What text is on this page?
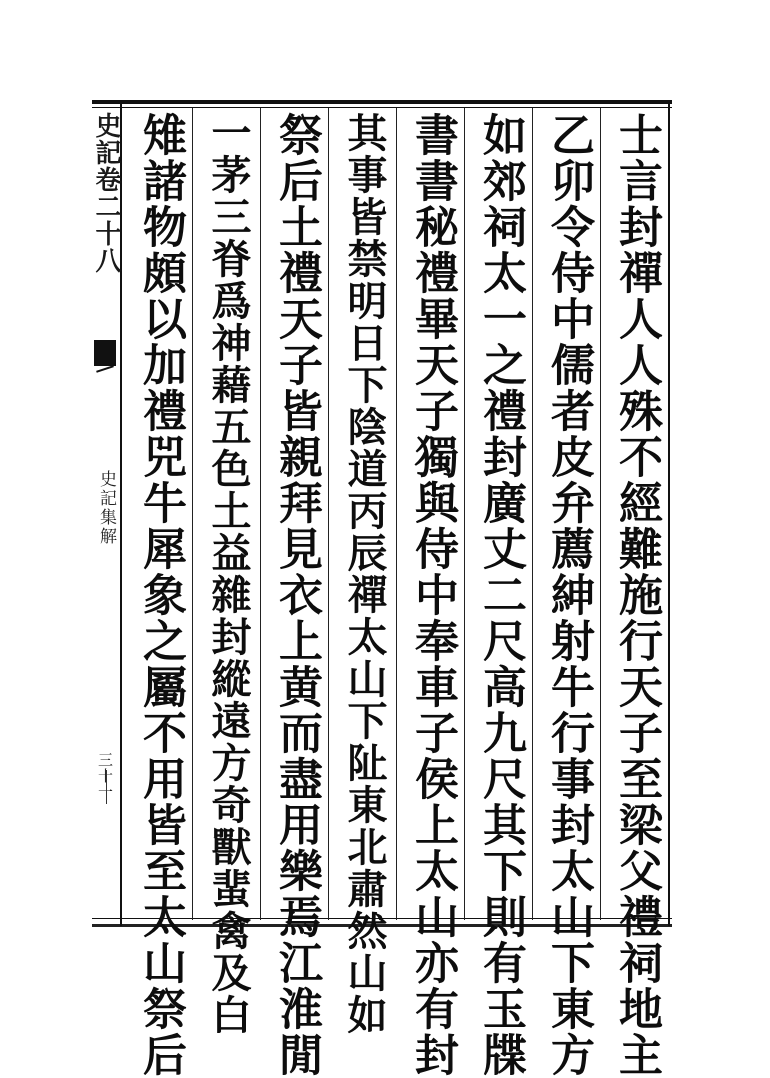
史記卷二十八
史記集解
三十一	士言封禪人人殊不經難施行天子至梁父禮祠地主
乙卯令侍中儒者皮弁薦紳射牛行事封太山下東方
如郊祠太一之禮封廣丈二尺高九尺其下則有玉牒
書書秘禮畢天子獨與侍中奉車子侯上太山亦有封
其事皆禁明日下陰道丙辰禪太山下阯東北肅然山如
祭后土禮天子皆親拜見衣上黄而盡用樂焉江淮閒
一茅三脊爲神藉五色土益雜封縱遠方奇獸蜚禽及白
雉諸物頗以加禮兕牛犀象之屬不用皆至太山祭后
